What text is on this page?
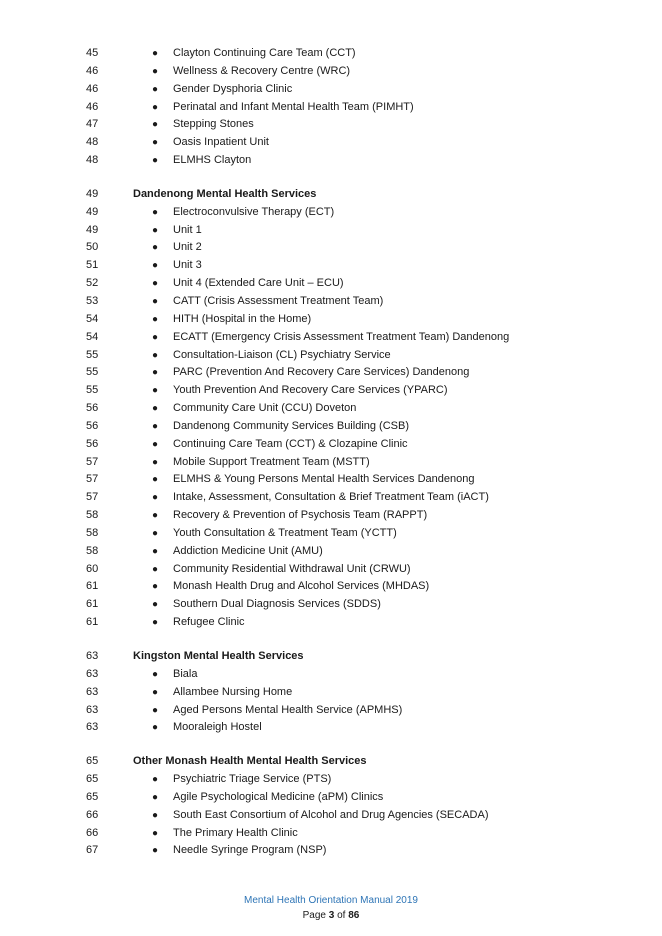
45	● Clayton Continuing Care Team (CCT)
46	● Wellness & Recovery Centre (WRC)
46	● Gender Dysphoria Clinic
46	● Perinatal and Infant Mental Health Team (PIMHT)
47	● Stepping Stones
48	● Oasis Inpatient Unit
48	● ELMHS Clayton
49	Dandenong Mental Health Services
49	● Electroconvulsive Therapy (ECT)
49	● Unit 1
50	● Unit 2
51	● Unit 3
52	● Unit 4 (Extended Care Unit – ECU)
53	● CATT (Crisis Assessment Treatment Team)
54	● HITH (Hospital in the Home)
54	● ECATT (Emergency Crisis Assessment Treatment Team) Dandenong
55	● Consultation-Liaison (CL) Psychiatry Service
55	● PARC (Prevention And Recovery Care Services) Dandenong
55	● Youth Prevention And Recovery Care Services (YPARC)
56	● Community Care Unit (CCU) Doveton
56	● Dandenong Community Services Building (CSB)
56	● Continuing Care Team (CCT) & Clozapine Clinic
57	● Mobile Support Treatment Team (MSTT)
57	● ELMHS & Young Persons Mental Health Services Dandenong
57	● Intake, Assessment, Consultation & Brief Treatment Team (iACT)
58	● Recovery & Prevention of Psychosis Team (RAPPT)
58	● Youth Consultation & Treatment Team (YCTT)
58	● Addiction Medicine Unit (AMU)
60	● Community Residential Withdrawal Unit (CRWU)
61	● Monash Health Drug and Alcohol Services (MHDAS)
61	● Southern Dual Diagnosis Services (SDDS)
61	● Refugee Clinic
63	Kingston Mental Health Services
63	● Biala
63	● Allambee Nursing Home
63	● Aged Persons Mental Health Service (APMHS)
63	● Mooraleigh Hostel
65	Other Monash Health Mental Health Services
65	● Psychiatric Triage Service (PTS)
65	● Agile Psychological Medicine (aPM) Clinics
66	● South East Consortium of Alcohol and Drug Agencies (SECADA)
66	● The Primary Health Clinic
67	● Needle Syringe Program (NSP)
Mental Health Orientation Manual 2019
Page 3 of 86
